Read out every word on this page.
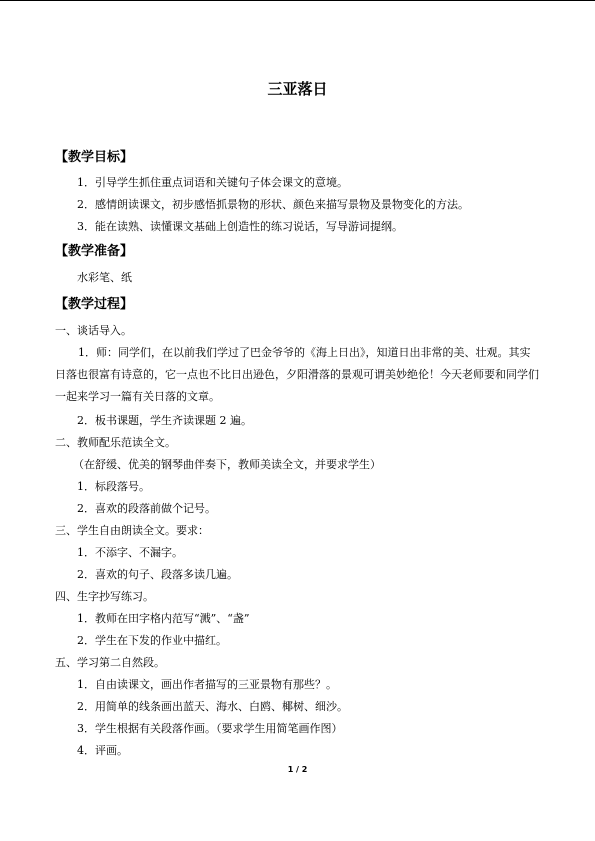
三亚落日
【教学目标】

1．引导学生抓住重点词语和关键句子体会课文的意境。

2．感情朗读课文，初步感悟抓景物的形状、颜色来描写景物及景物变化的方法。

3．能在读熟、读懂课文基础上创造性的练习说话，写导游词提纲。

【教学准备】

水彩笔、纸

【教学过程】

一、谈话导入。

1．师：同学们，在以前我们学过了巴金爷爷的《海上日出》，知道日出非常的美、壮观。其实日落也很富有诗意的，它一点也不比日出逊色，夕阳滑落的景观可谓美妙绝伦！今天老师要和同学们一起来学习一篇有关日落的文章。

2．板书课题，学生齐读课题 2 遍。

二、教师配乐范读全文。

（在舒缓、优美的钢琴曲伴奏下，教师美读全文，并要求学生）

1．标段落号。

2．喜欢的段落前做个记号。

三、学生自由朗读全文。要求：

1．不添字、不漏字。

2．喜欢的句子、段落多读几遍。

四、生字抄写练习。

1．教师在田字格内范写“溅”、“盏”

2．学生在下发的作业中描红。

五、学习第二自然段。

1．自由读课文，画出作者描写的三亚景物有那些？。

2．用简单的线条画出蓝天、海水、白鸥、椰树、细沙。

3．学生根据有关段落作画。（要求学生用简笔画作图）

4．评画。

1 / 2
